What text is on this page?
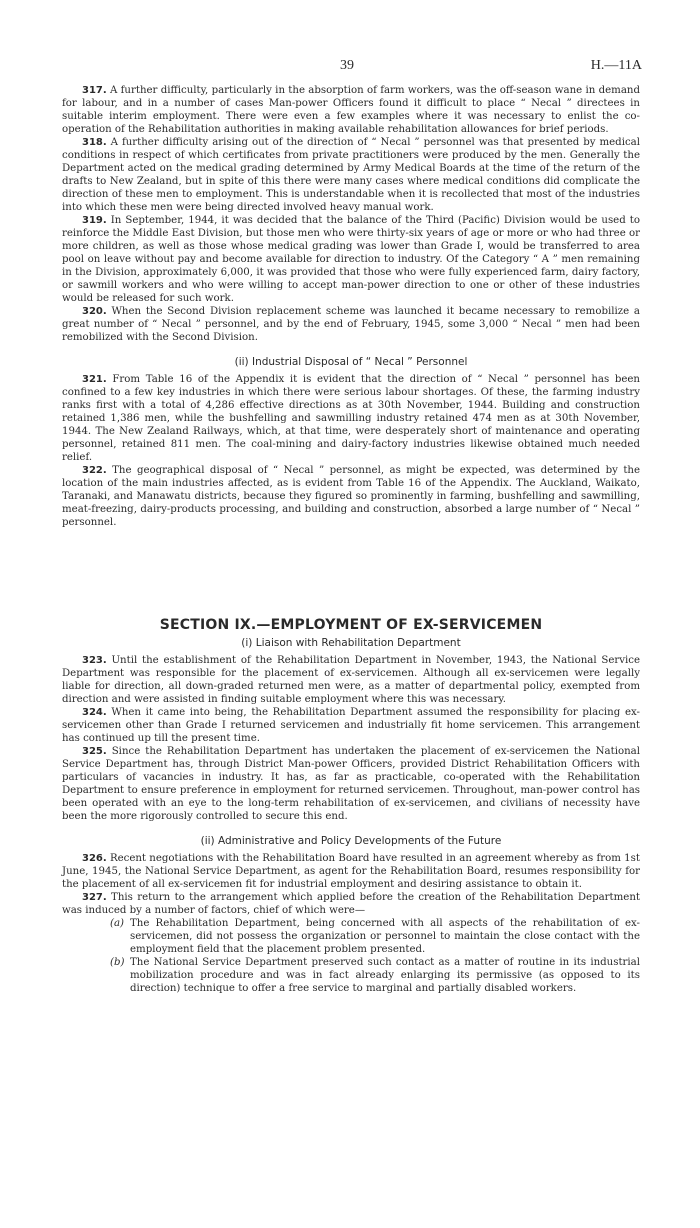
39	H.—11A

317. A further difficulty, particularly in the absorption of farm workers, was the off-season wane in demand for labour, and in a number of cases Man-power Officers found it difficult to place “ Necal ” directees in suitable interim employment. There were even a few examples where it was necessary to enlist the co-operation of the Rehabilitation authorities in making available rehabilitation allowances for brief periods.

318. A further difficulty arising out of the direction of “ Necal ” personnel was that presented by medical conditions in respect of which certificates from private practitioners were produced by the men. Generally the Department acted on the medical grading determined by Army Medical Boards at the time of the return of the drafts to New Zealand, but in spite of this there were many cases where medical conditions did complicate the direction of these men to employment. This is understandable when it is recollected that most of the industries into which these men were being directed involved heavy manual work.

319. In September, 1944, it was decided that the balance of the Third (Pacific) Division would be used to reinforce the Middle East Division, but those men who were thirty-six years of age or more or who had three or more children, as well as those whose medical grading was lower than Grade I, would be transferred to area pool on leave without pay and become available for direction to industry. Of the Category “ A ” men remaining in the Division, approximately 6,000, it was provided that those who were fully experienced farm, dairy factory, or sawmill workers and who were willing to accept man-power direction to one or other of these industries would be released for such work.

320. When the Second Division replacement scheme was launched it became necessary to remobilize a great number of “ Necal ” personnel, and by the end of February, 1945, some 3,000 “ Necal ” men had been remobilized with the Second Division.

(ii) Industrial Disposal of “ Necal ” Personnel

321. From Table 16 of the Appendix it is evident that the direction of “ Necal ” personnel has been confined to a few key industries in which there were serious labour shortages. Of these, the farming industry ranks first with a total of 4,286 effective directions as at 30th November, 1944. Building and construction retained 1,386 men, while the bushfelling and sawmilling industry retained 474 men as at 30th November, 1944. The New Zealand Railways, which, at that time, were desperately short of maintenance and operating personnel, retained 811 men. The coal-mining and dairy-factory industries likewise obtained much needed relief.

322. The geographical disposal of “ Necal ” personnel, as might be expected, was determined by the location of the main industries affected, as is evident from Table 16 of the Appendix. The Auckland, Waikato, Taranaki, and Manawatu districts, because they figured so prominently in farming, bushfelling and sawmilling, meat-freezing, dairy-products processing, and building and construction, absorbed a large number of “ Necal ” personnel.

SECTION IX.—EMPLOYMENT OF EX-SERVICEMEN
(i) Liaison with Rehabilitation Department

323. Until the establishment of the Rehabilitation Department in November, 1943, the National Service Department was responsible for the placement of ex-servicemen. Although all ex-servicemen were legally liable for direction, all down-graded returned men were, as a matter of departmental policy, exempted from direction and were assisted in finding suitable employment where this was necessary.

324. When it came into being, the Rehabilitation Department assumed the responsibility for placing ex-servicemen other than Grade I returned servicemen and industrially fit home servicemen. This arrangement has continued up till the present time.

325. Since the Rehabilitation Department has undertaken the placement of ex-servicemen the National Service Department has, through District Man-power Officers, provided District Rehabilitation Officers with particulars of vacancies in industry. It has, as far as practicable, co-operated with the Rehabilitation Department to ensure preference in employment for returned servicemen. Throughout, man-power control has been operated with an eye to the long-term rehabilitation of ex-servicemen, and civilians of necessity have been the more rigorously controlled to secure this end.

(ii) Administrative and Policy Developments of the Future

326. Recent negotiations with the Rehabilitation Board have resulted in an agreement whereby as from 1st June, 1945, the National Service Department, as agent for the Rehabilitation Board, resumes responsibility for the placement of all ex-servicemen fit for industrial employment and desiring assistance to obtain it.

327. This return to the arrangement which applied before the creation of the Rehabilitation Department was induced by a number of factors, chief of which were—

(a) The Rehabilitation Department, being concerned with all aspects of the rehabilitation of ex-servicemen, did not possess the organization or personnel to maintain the close contact with the employment field that the placement problem presented.

(b) The National Service Department preserved such contact as a matter of routine in its industrial mobilization procedure and was in fact already enlarging its permissive (as opposed to its direction) technique to offer a free service to marginal and partially disabled workers.
